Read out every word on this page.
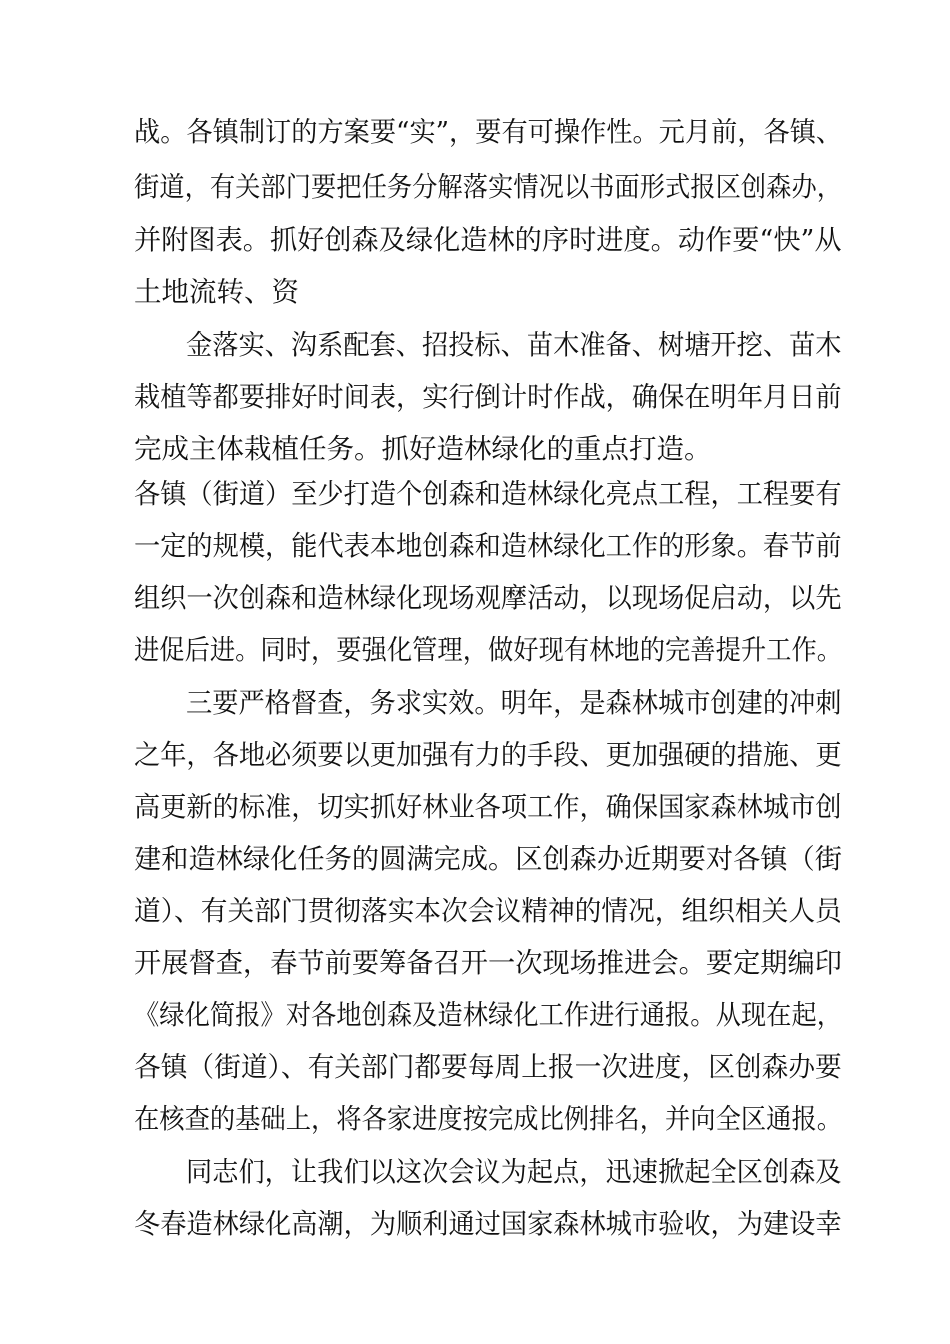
战。各镇制订的方案要“实”，要有可操作性。元月前，各镇、
街道，有关部门要把任务分解落实情况以书面形式报区创森办，
并附图表。抓好创森及绿化造林的序时进度。动作要“快”从
土地流转、资
金落实、沟系配套、招投标、苗木准备、树塘开挖、苗木
栽植等都要排好时间表，实行倒计时作战，确保在明年月日前
完成主体栽植任务。抓好造林绿化的重点打造。
各镇（街道）至少打造个创森和造林绿化亮点工程，工程要有
一定的规模，能代表本地创森和造林绿化工作的形象。春节前
组织一次创森和造林绿化现场观摩活动，以现场促启动，以先
进促后进。同时，要强化管理，做好现有林地的完善提升工作。
三要严格督查，务求实效。明年，是森林城市创建的冲刺
之年，各地必须要以更加强有力的手段、更加强硬的措施、更
高更新的标准，切实抓好林业各项工作，确保国家森林城市创
建和造林绿化任务的圆满完成。区创森办近期要对各镇（街
道）、有关部门贯彻落实本次会议精神的情况，组织相关人员
开展督查，春节前要筹备召开一次现场推进会。要定期编印
《绿化简报》对各地创森及造林绿化工作进行通报。从现在起，
各镇（街道）、有关部门都要每周上报一次进度，区创森办要
在核查的基础上，将各家进度按完成比例排名，并向全区通报。
同志们，让我们以这次会议为起点，迅速掀起全区创森及
冬春造林绿化高潮，为顺利通过国家森林城市验收，为建设幸
